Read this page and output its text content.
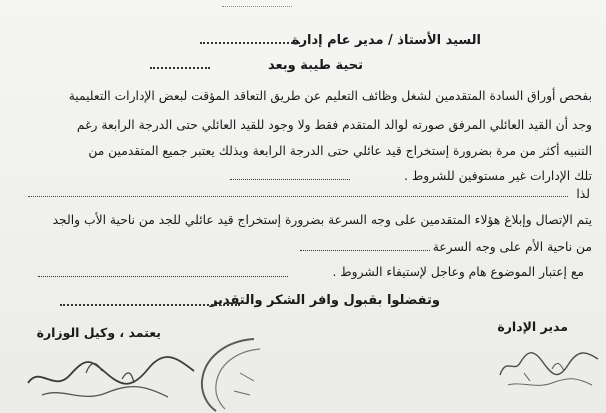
السيد الأستاذ / مدير عام إدارة
تحية طيبة وبعد
بفحص أوراق السادة المتقدمين لشغل وظائف التعليم عن طريق التعاقد المؤقت لبعض الإدارات التعليمية
وجد أن القيد العائلي المرفق صورته لوالد المتقدم فقط ولا وجود للقيد العائلي حتى الدرجة الرابعة رغم
التنبيه أكثر من مرة بضرورة إستخراج قيد عائلي حتى الدرجة الرابعة وبذلك يعتبر جميع المتقدمين من
تلك الإدارات غير مستوفين للشروط .
لذا
يتم الإتصال وإبلاغ هؤلاء المتقدمين على وجه السرعة بضرورة إستخراج قيد عائلي للجد من ناحية الأب والجد
من ناحية الأم على وجه السرعة
مع إعتبار الموضوع هام وعاجل لإستيفاء الشروط .
وتفضلوا بقبول وافر الشكر والتقدير
مدير الإدارة
يعتمد ، وكيل الوزارة
